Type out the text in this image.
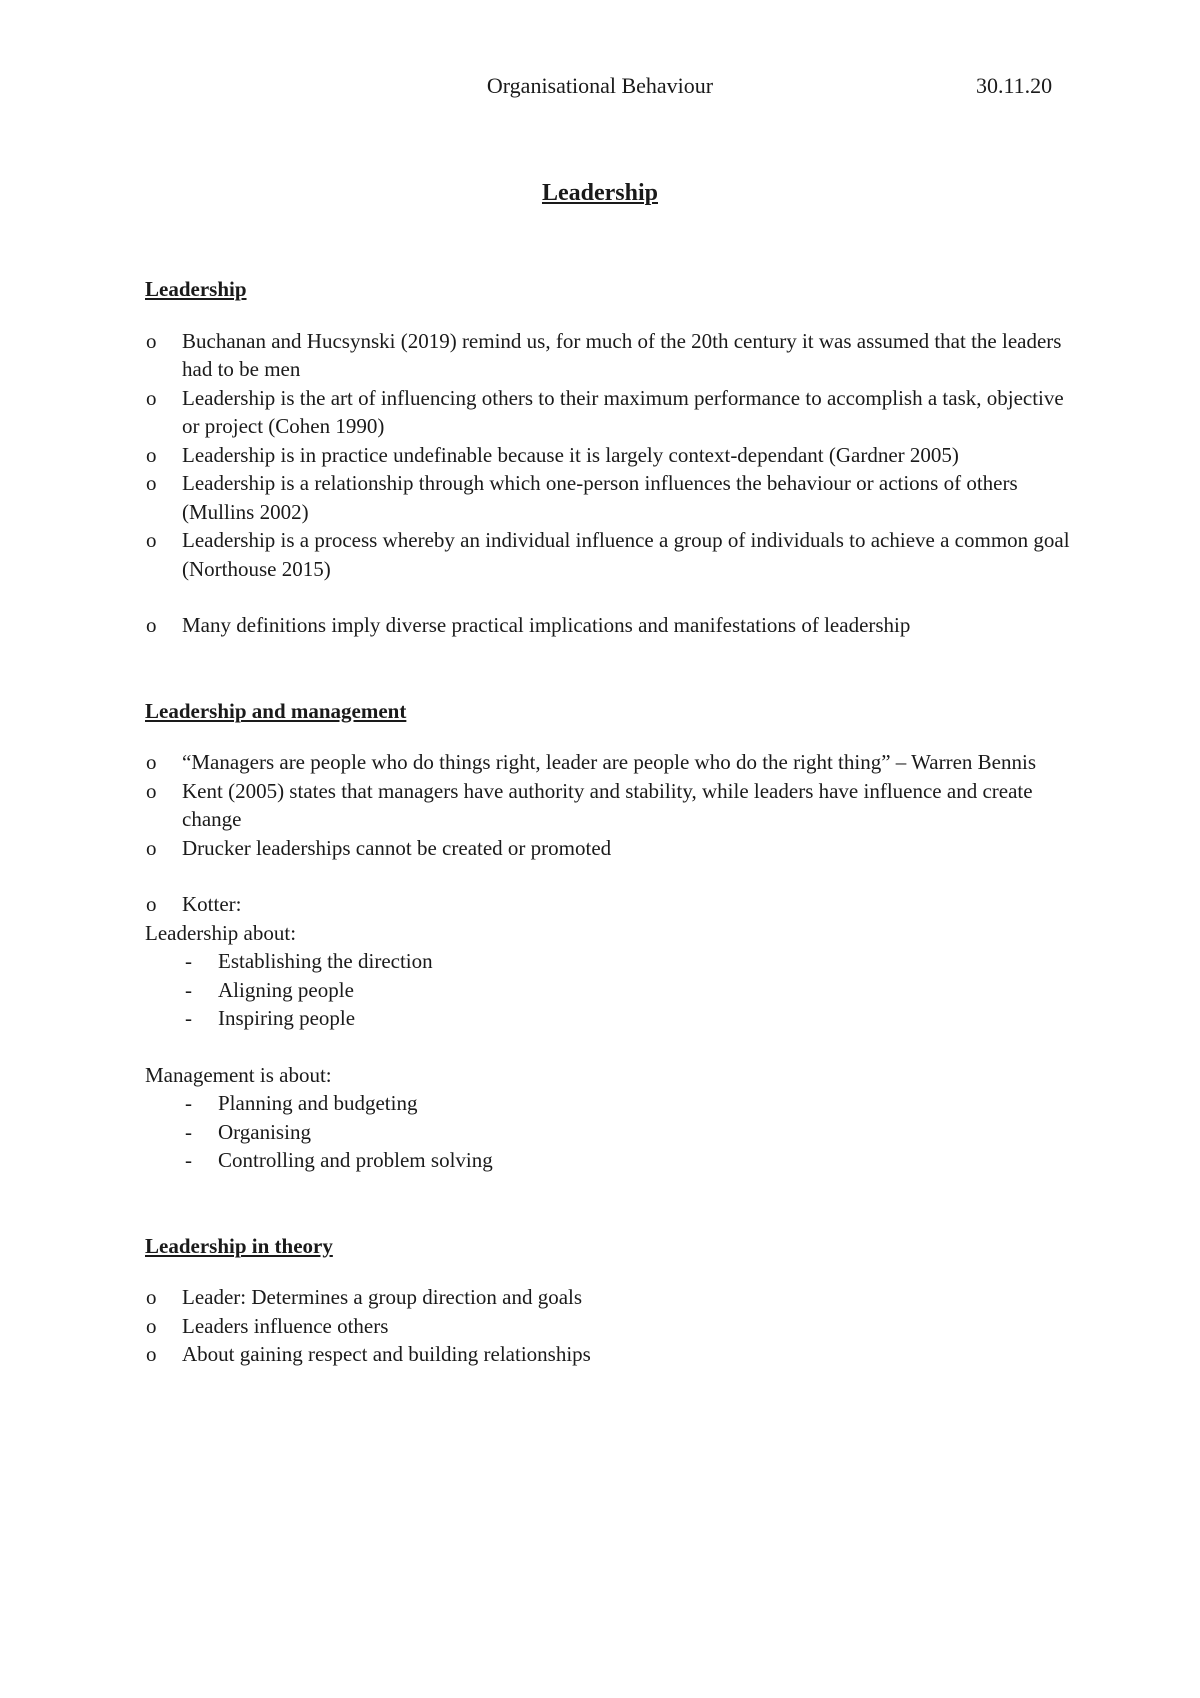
Organisational Behaviour	30.11.20
Leadership
Leadership
o Buchanan and Hucsynski (2019) remind us, for much of the 20th century it was assumed that the leaders had to be men
o Leadership is the art of influencing others to their maximum performance to accomplish a task, objective or project (Cohen 1990)
o Leadership is in practice undefinable because it is largely context-dependant (Gardner 2005)
o Leadership is a relationship through which one-person influences the behaviour or actions of others (Mullins 2002)
o Leadership is a process whereby an individual influence a group of individuals to achieve a common goal (Northouse 2015)
o Many definitions imply diverse practical implications and manifestations of leadership
Leadership and management
o “Managers are people who do things right, leader are people who do the right thing” – Warren Bennis
o Kent (2005) states that managers have authority and stability, while leaders have influence and create change
o Drucker leaderships cannot be created or promoted
o Kotter:

Leadership about:

- Establishing the direction
- Aligning people
- Inspiring people

Management is about:

- Planning and budgeting
- Organising
- Controlling and problem solving
Leadership in theory
o Leader: Determines a group direction and goals
o Leaders influence others
o About gaining respect and building relationships
